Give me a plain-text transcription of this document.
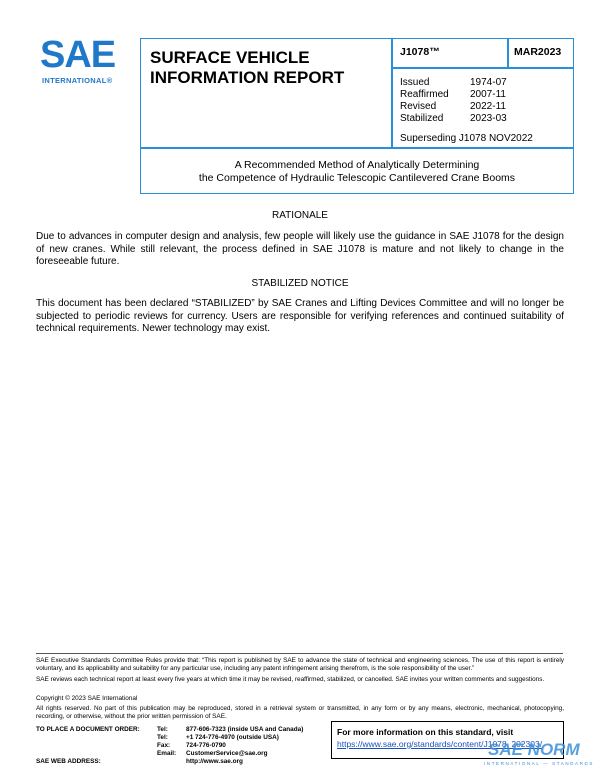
SAE
INTERNATIONAL®
SURFACE VEHICLE
INFORMATION REPORT
J1078™	MAR2023
Issued	1974-07
Reaffirmed 2007-11
Revised	2022-11
Stabilized	2023-03
Superseding J1078 NOV2022
A Recommended Method of Analytically Determining
the Competence of Hydraulic Telescopic Cantilevered Crane Booms
RATIONALE
Due to advances in computer design and analysis, few people will likely use the guidance in SAE J1078 for the design of new cranes. While still relevant, the process defined in SAE J1078 is mature and not likely to change in the foreseeable future.
STABILIZED NOTICE
This document has been declared “STABILIZED” by SAE Cranes and Lifting Devices Committee and will no longer be subjected to periodic reviews for currency. Users are responsible for verifying references and continued suitability of technical requirements. Newer technology may exist.
SAE Executive Standards Committee Rules provide that: “This report is published by SAE to advance the state of technical and engineering sciences. The use of this report is entirely voluntary, and its applicability and suitability for any particular use, including any patent infringement arising therefrom, is the sole responsibility of the user.”
SAE reviews each technical report at least every five years at which time it may be revised, reaffirmed, stabilized, or cancelled. SAE invites your written comments and suggestions.
Copyright © 2023 SAE International
All rights reserved. No part of this publication may be reproduced, stored in a retrieval system or transmitted, in any form or by any means, electronic, mechanical, photocopying, recording, or otherwise, without the prior written permission of SAE.
TO PLACE A DOCUMENT ORDER:	Tel:	877-606-7323 (inside USA and Canada)
Tel:	+1 724-776-4970 (outside USA)
Fax: 724-776-0790
Email: CustomerService@sae.org
SAE WEB ADDRESS:	http://www.sae.org
For more information on this standard, visit
https://www.sae.org/standards/content/J1078_202303/
SAE NORM
INTERNATIONAL — STANDARDS
